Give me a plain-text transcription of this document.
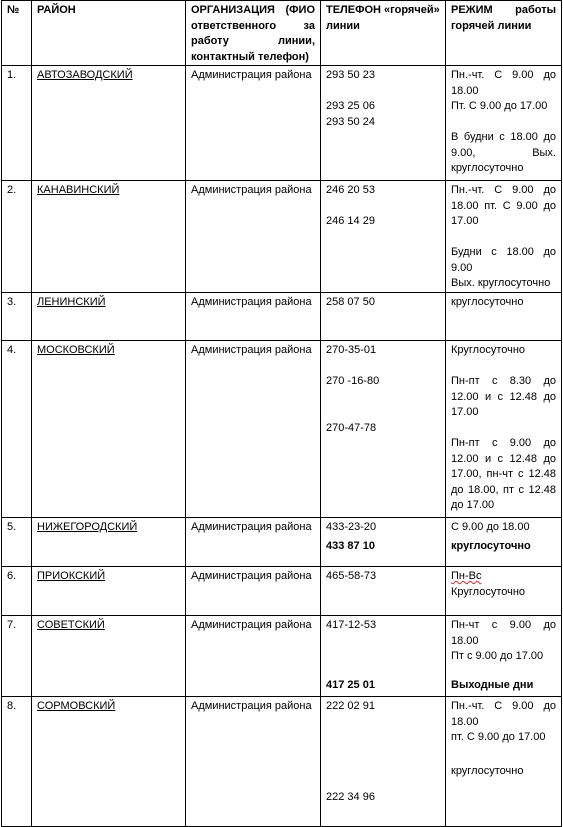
№	РАЙОН	ОРГАНИЗАЦИЯ (ФИО ответственного за работу линии, контактный телефон)	ТЕЛЕФОН «горячей» линии	РЕЖИМ работы горячей линии
1.	АВТОЗАВОДСКИЙ	Администрация района	293 50 23
293 25 06
293 50 24	Пн.-чт. С 9.00 до 18.00
Пт. С 9.00 до 17.00
В будни с 18.00 до 9.00, Вых. круглосуточно

2.	КАНАВИНСКИЙ	Администрация района	246 20 53
246 14 29	Пн.-чт. С 9.00 до 18.00 пт. С 9.00 до 17.00
Будни с 18.00 до 9.00
Вых. круглосуточно

3.	ЛЕНИНСКИЙ	Администрация района	258 07 50	круглосуточно

4.	МОСКОВСКИЙ	Администрация района	270-35-01
270 -16-80
270-47-78	Круглосуточно
Пн-пт с 8.30 до 12.00 и с 12.48 до 17.00
Пн-пт с 9.00 до 12.00 и с 12.48 до 17.00, пн-чт с 12.48 до 18.00, пт с 12.48 до 17.00

5.	НИЖЕГОРОДСКИЙ	Администрация района	433-23-20
433 87 10	С 9.00 до 18.00
круглосуточно

6.	ПРИОКСКИЙ	Администрация района	465-58-73	Пн-Вс
Круглосуточно

7.	СОВЕТСКИЙ	Администрация района	417-12-53
417 25 01	Пн-чт с 9.00 до 18.00
Пт с 9.00 до 17.00
Выходные дни

8.	СОРМОВСКИЙ	Администрация района	222 02 91
222 34 96	Пн.-чт. С 9.00 до 18.00
пт. С 9.00 до 17.00
круглосуточно
